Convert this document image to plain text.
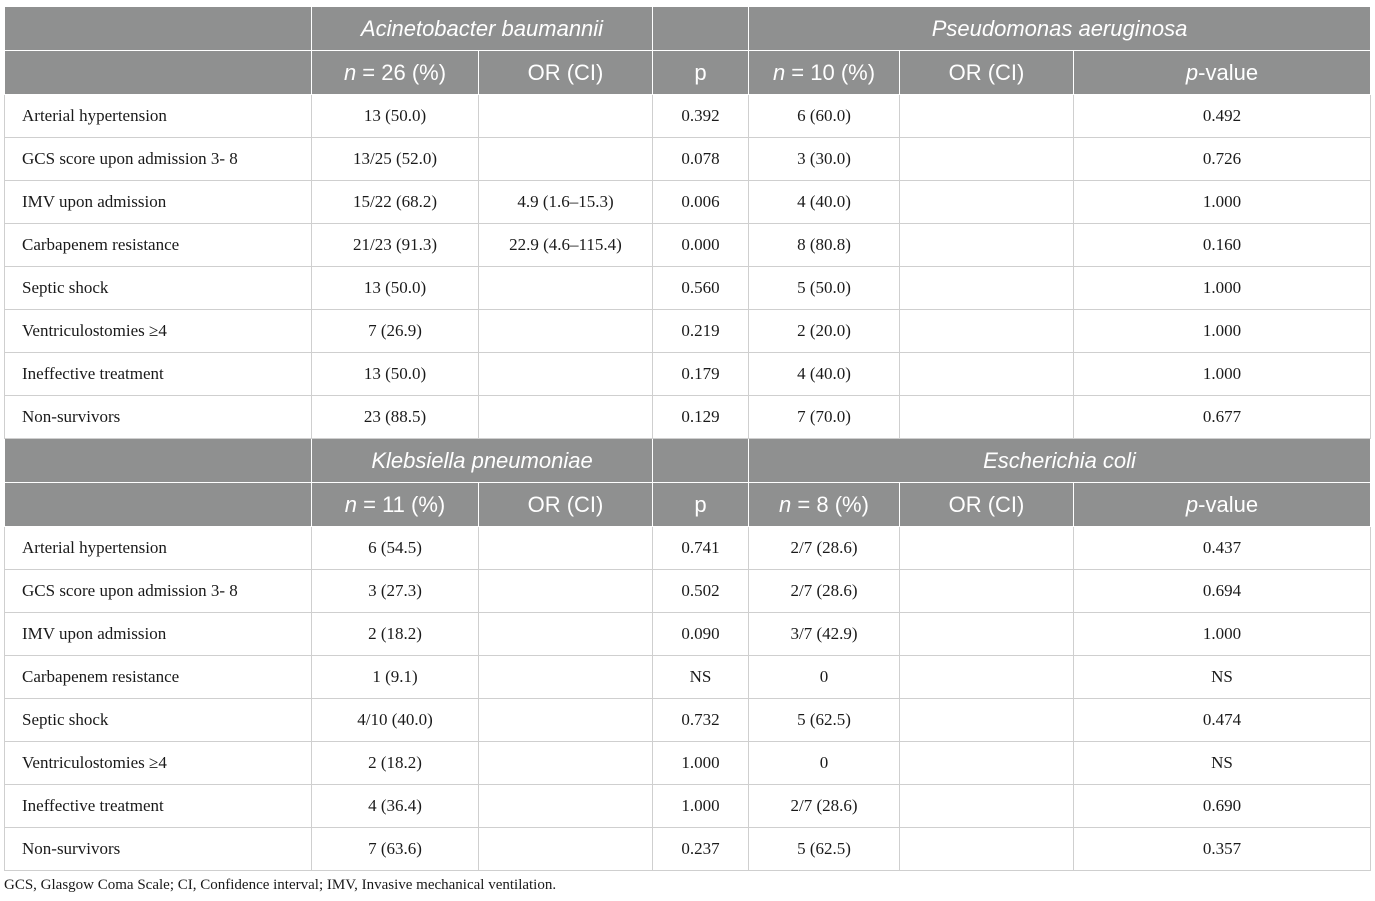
	Acinetobacter baumannii			Pseudomonas aeruginosa		
	n = 26 (%)	OR (CI)	p	n = 10 (%)	OR (CI)	p-value
Arterial hypertension	13 (50.0)		0.392	6 (60.0)		0.492
GCS score upon admission 3- 8	13/25 (52.0)		0.078	3 (30.0)		0.726
IMV upon admission	15/22 (68.2)	4.9 (1.6–15.3)	0.006	4 (40.0)		1.000
Carbapenem resistance	21/23 (91.3)	22.9 (4.6–115.4)	0.000	8 (80.8)		0.160
Septic shock	13 (50.0)		0.560	5 (50.0)		1.000
Ventriculostomies ≥4	7 (26.9)		0.219	2 (20.0)		1.000
Ineffective treatment	13 (50.0)		0.179	4 (40.0)		1.000
Non-survivors	23 (88.5)		0.129	7 (70.0)		0.677
	Klebsiella pneumoniae			Escherichia coli		
	n = 11 (%)	OR (CI)	p	n = 8 (%)	OR (CI)	p-value
Arterial hypertension	6 (54.5)		0.741	2/7 (28.6)		0.437
GCS score upon admission 3- 8	3 (27.3)		0.502	2/7 (28.6)		0.694
IMV upon admission	2 (18.2)		0.090	3/7 (42.9)		1.000
Carbapenem resistance	1 (9.1)		NS	0		NS
Septic shock	4/10 (40.0)		0.732	5 (62.5)		0.474
Ventriculostomies ≥4	2 (18.2)		1.000	0		NS
Ineffective treatment	4 (36.4)		1.000	2/7 (28.6)		0.690
Non-survivors	7 (63.6)		0.237	5 (62.5)		0.357
GCS, Glasgow Coma Scale; CI, Confidence interval; IMV, Invasive mechanical ventilation.
